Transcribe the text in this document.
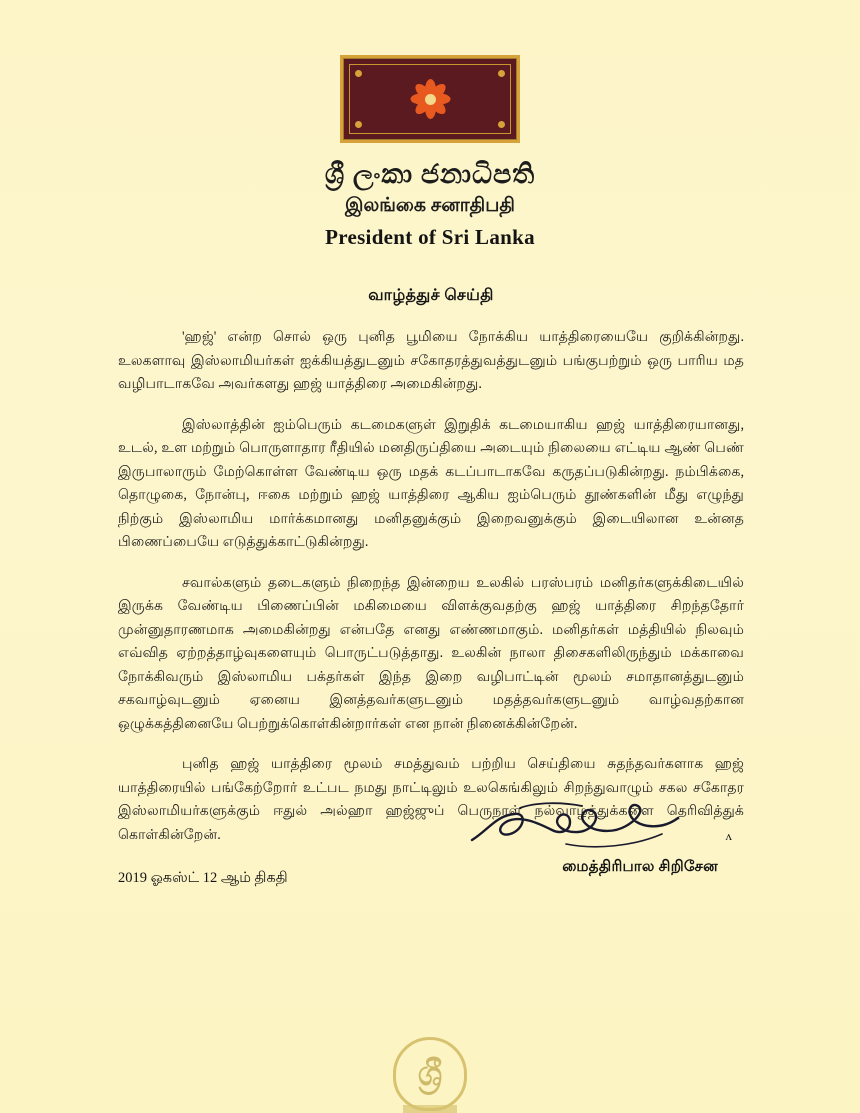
ශ්‍රී ලංකා ජනාධිපති
இலங்கை சனாதிபதி
President of Sri Lanka
வாழ்த்துச் செய்தி

'ஹஜ்' என்ற சொல் ஒரு புனித பூமியை நோக்கிய யாத்திரையையே குறிக்கின்றது. உலகளாவு இஸ்லாமியர்கள் ஐக்கியத்துடனும் சகோதரத்துவத்துடனும் பங்குபற்றும் ஒரு பாரிய மத வழிபாடாகவே அவர்களது ஹஜ் யாத்திரை அமைகின்றது.

இஸ்லாத்தின் ஐம்பெரும் கடமைகளுள் இறுதிக் கடமையாகிய ஹஜ் யாத்திரையானது, உடல், உள மற்றும் பொருளாதார ரீதியில் மனதிருப்தியை அடையும் நிலையை எட்டிய ஆண் பெண் இருபாலாரும் மேற்கொள்ள வேண்டிய ஒரு மதக் கடப்பாடாகவே கருதப்படுகின்றது. நம்பிக்கை, தொழுகை, நோன்பு, ஈகை மற்றும் ஹஜ் யாத்திரை ஆகிய ஐம்பெரும் தூண்களின் மீது எழுந்து நிற்கும் இஸ்லாமிய மார்க்கமானது மனிதனுக்கும் இறைவனுக்கும் இடையிலான உன்னத பிணைப்பையே எடுத்துக்காட்டுகின்றது.

சவால்களும் தடைகளும் நிறைந்த இன்றைய உலகில் பரஸ்பரம் மனிதர்களுக்கிடையில் இருக்க வேண்டிய பிணைப்பின் மகிமையை விளக்குவதற்கு ஹஜ் யாத்திரை சிறந்ததோர் முன்னுதாரணமாக அமைகின்றது என்பதே எனது எண்ணமாகும். மனிதர்கள் மத்தியில் நிலவும் எவ்வித ஏற்றத்தாழ்வுகளையும் பொருட்படுத்தாது. உலகின் நாலா திசைகளிலிருந்தும் மக்காவை நோக்கிவரும் இஸ்லாமிய பக்தர்கள் இந்த இறை வழிபாட்டின் மூலம் சமாதானத்துடனும் சகவாழ்வுடனும் ஏனைய இனத்தவர்களுடனும் மதத்தவர்களுடனும் வாழ்வதற்கான ஒழுக்கத்தினையே பெற்றுக்கொள்கின்றார்கள் என நான் நினைக்கின்றேன்.

புனித ஹஜ் யாத்திரை மூலம் சமத்துவம் பற்றிய செய்தியை சுதந்தவர்களாக ஹஜ் யாத்திரையில் பங்கேற்றோர் உட்பட நமது நாட்டிலும் உலகெங்கிலும் சிறந்துவாழும் சகல சகோதர இஸ்லாமியர்களுக்கும் ஈதுல் அல்ஹா ஹஜ்ஜுப் பெருநாள் நல்வாழ்த்துக்களை தெரிவித்துக் கொள்கின்றேன்.	ʌ
மைத்திரிபால சிறிசேன
2019 ஓகஸ்ட் 12 ஆம் திகதி
ශ්‍රී
